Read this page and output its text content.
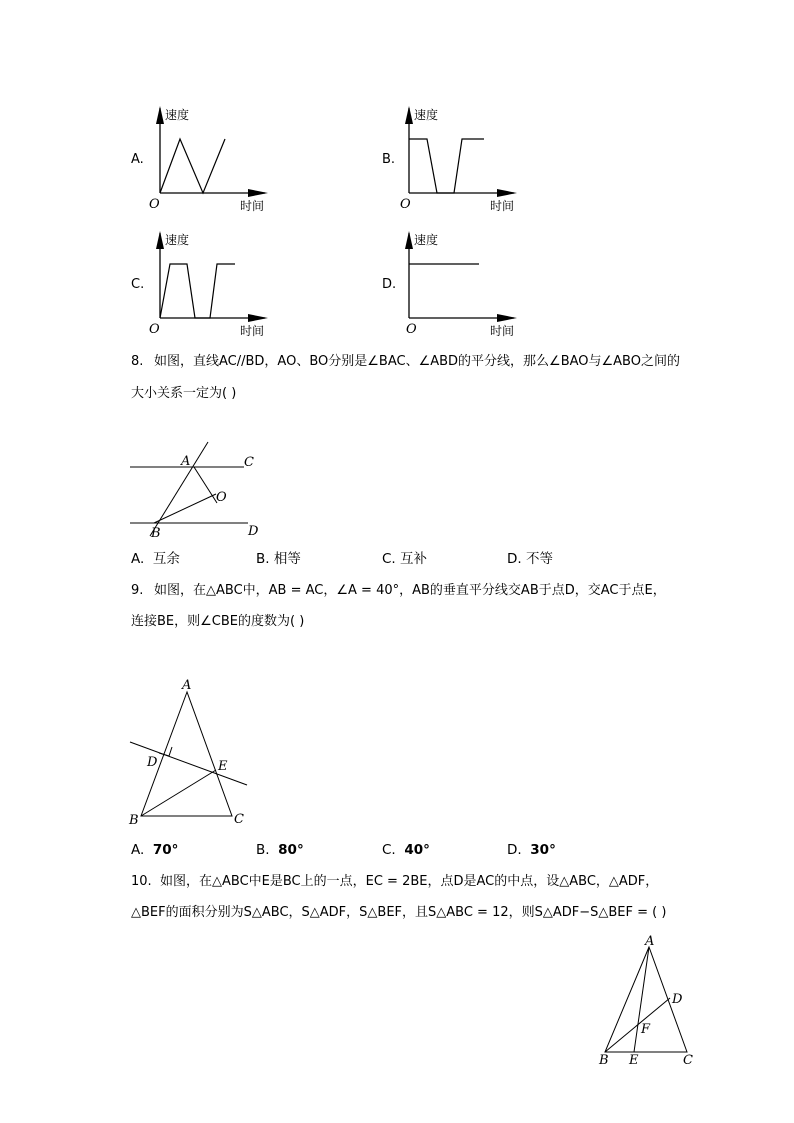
A.
速度
时间
O
B.
速度
时间
O
C.
速度
时间
O
D.
速度
时间
O
8. 如图，直线AC//BD，AO、BO分别是∠BAC、∠ABD的平分线，那么∠BAO与∠ABO之间的
大小关系一定为( )
A	C
O
B	D
A. 互余	B. 相等	C. 互补	D. 不等
9. 如图，在△ABC中，AB = AC，∠A = 40°，AB的垂直平分线交AB于点D，交AC于点E，
连接BE，则∠CBE的度数为( )
A
D	E
B	C
A. 70°	B. 80°	C. 40°	D. 30°
10. 如图，在△ABC中E是BC上的一点，EC = 2BE，点D是AC的中点，设△ABC，△ADF，
△BEF的面积分别为S△ABC，S△ADF，S△BEF，且S△ABC = 12，则S△ADF−S△BEF = ( )
A
D
F
B E	C
